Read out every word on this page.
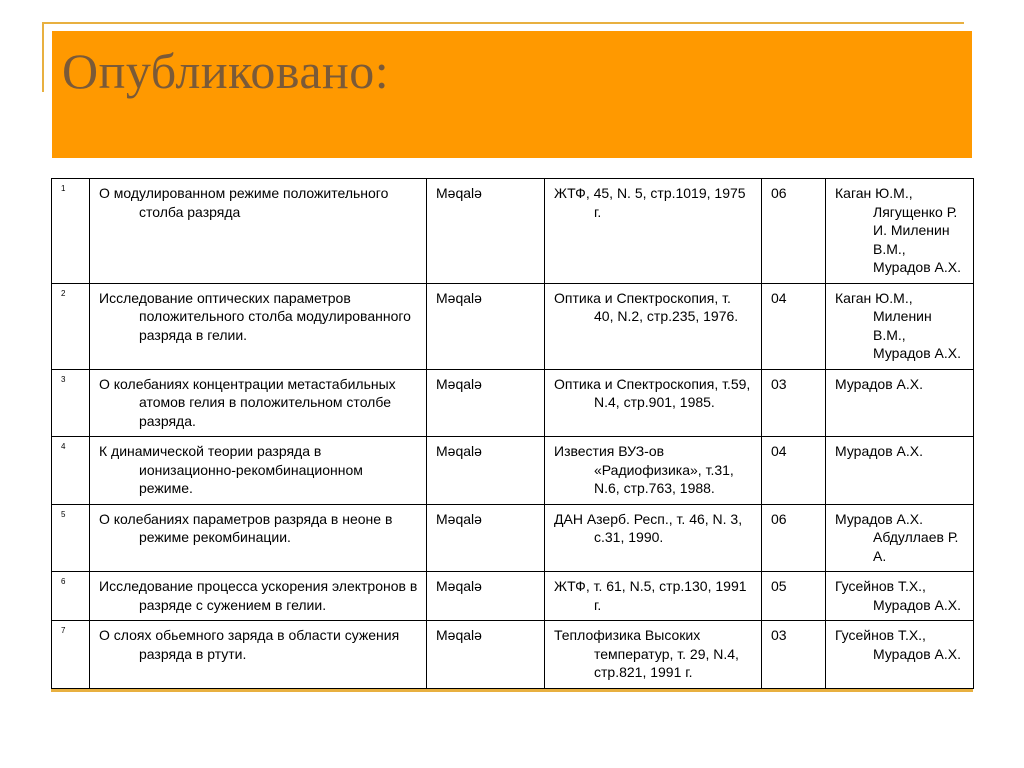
Опубликовано:
1	О модулированном режиме положительного столба разряда	Məqalə	ЖТФ, 45, N. 5, стр.1019, 1975 г.	06	Каган Ю.М., Лягущенко Р. И. Миленин В.М., Мурадов А.Х.

2	Исследование оптических параметров положительного столба модулированного разряда в гелии.	Məqalə	Оптика и Спектроскопия, т. 40, N.2, стр.235, 1976.	04	Каган Ю.М., Миленин В.М., Мурадов А.Х.

3	О колебаниях концентрации метастабильных атомов гелия в положительном столбе разряда.	Məqalə	Оптика и Спектроскопия, т.59, N.4, стр.901, 1985.	03	Мурадов А.Х.

4	К динамической теории разряда в ионизационно-рекомбинационном режиме.	Məqalə	Известия ВУЗ-ов «Радиофизика», т.31, N.6, стр.763, 1988.	04	Мурадов А.Х.

5	О колебаниях параметров разряда в неоне в режиме рекомбинации.	Məqalə	ДАН Азерб. Респ., т. 46, N. 3, с.31, 1990.	06	Мурадов А.Х. Абдуллаев Р. А.

6	Исследование процесса ускорения электронов в разряде с сужением в гелии.	Məqalə	ЖТФ, т. 61, N.5, стр.130, 1991 г.	05	Гусейнов Т.Х., Мурадов А.Х.

7	О слоях обьемного заряда в области сужения разряда в ртути.	Məqalə	Теплофизика Высоких температур, т. 29, N.4, стр.821, 1991 г.	03	Гусейнов Т.Х., Мурадов А.Х.
